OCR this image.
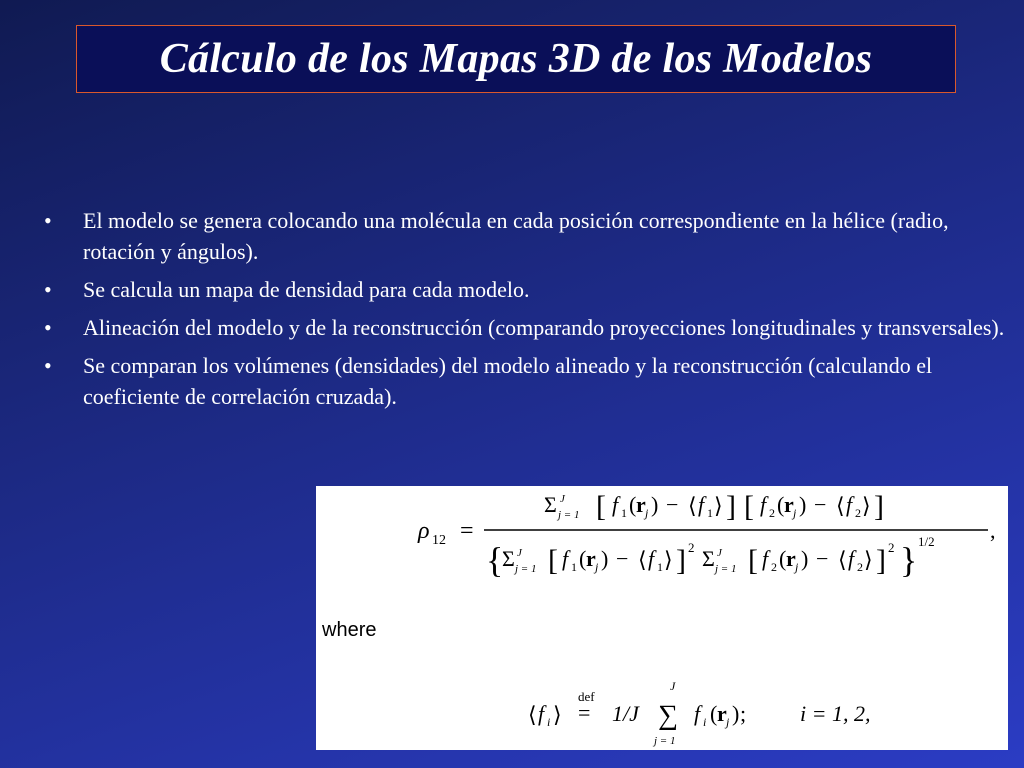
Cálculo de los Mapas 3D de los Modelos
•	El modelo se genera colocando una molécula en cada posición correspondiente en la hélice (radio, rotación y ángulos).
•	Se calcula un mapa de densidad para cada modelo.
•	Alineación del modelo y de la reconstrucción (comparando proyecciones longitudinales y transversales).
•	Se comparan los volúmenes (densidades) del modelo alineado y la reconstrucción (calculando el coeficiente de correlación cruzada).
ρ 12 =
Σ J
j = 1 [ f 1 ( r j ) − ⟨ f 1 ⟩ ] [ f 2 ( r j ) − ⟨ f 2 ⟩ ]
,
{
Σ J
j = 1 [ f 1 ( r j ) − ⟨ f 1 ⟩ ] 2 Σ J
j = 1 [ f 2 ( r j ) − ⟨ f 2 ⟩ ] 2 } 1/2
where
⟨ f i ⟩
def
= 1/J
J
∑
j = 1
f i ( r j ) ; i = 1, 2,
